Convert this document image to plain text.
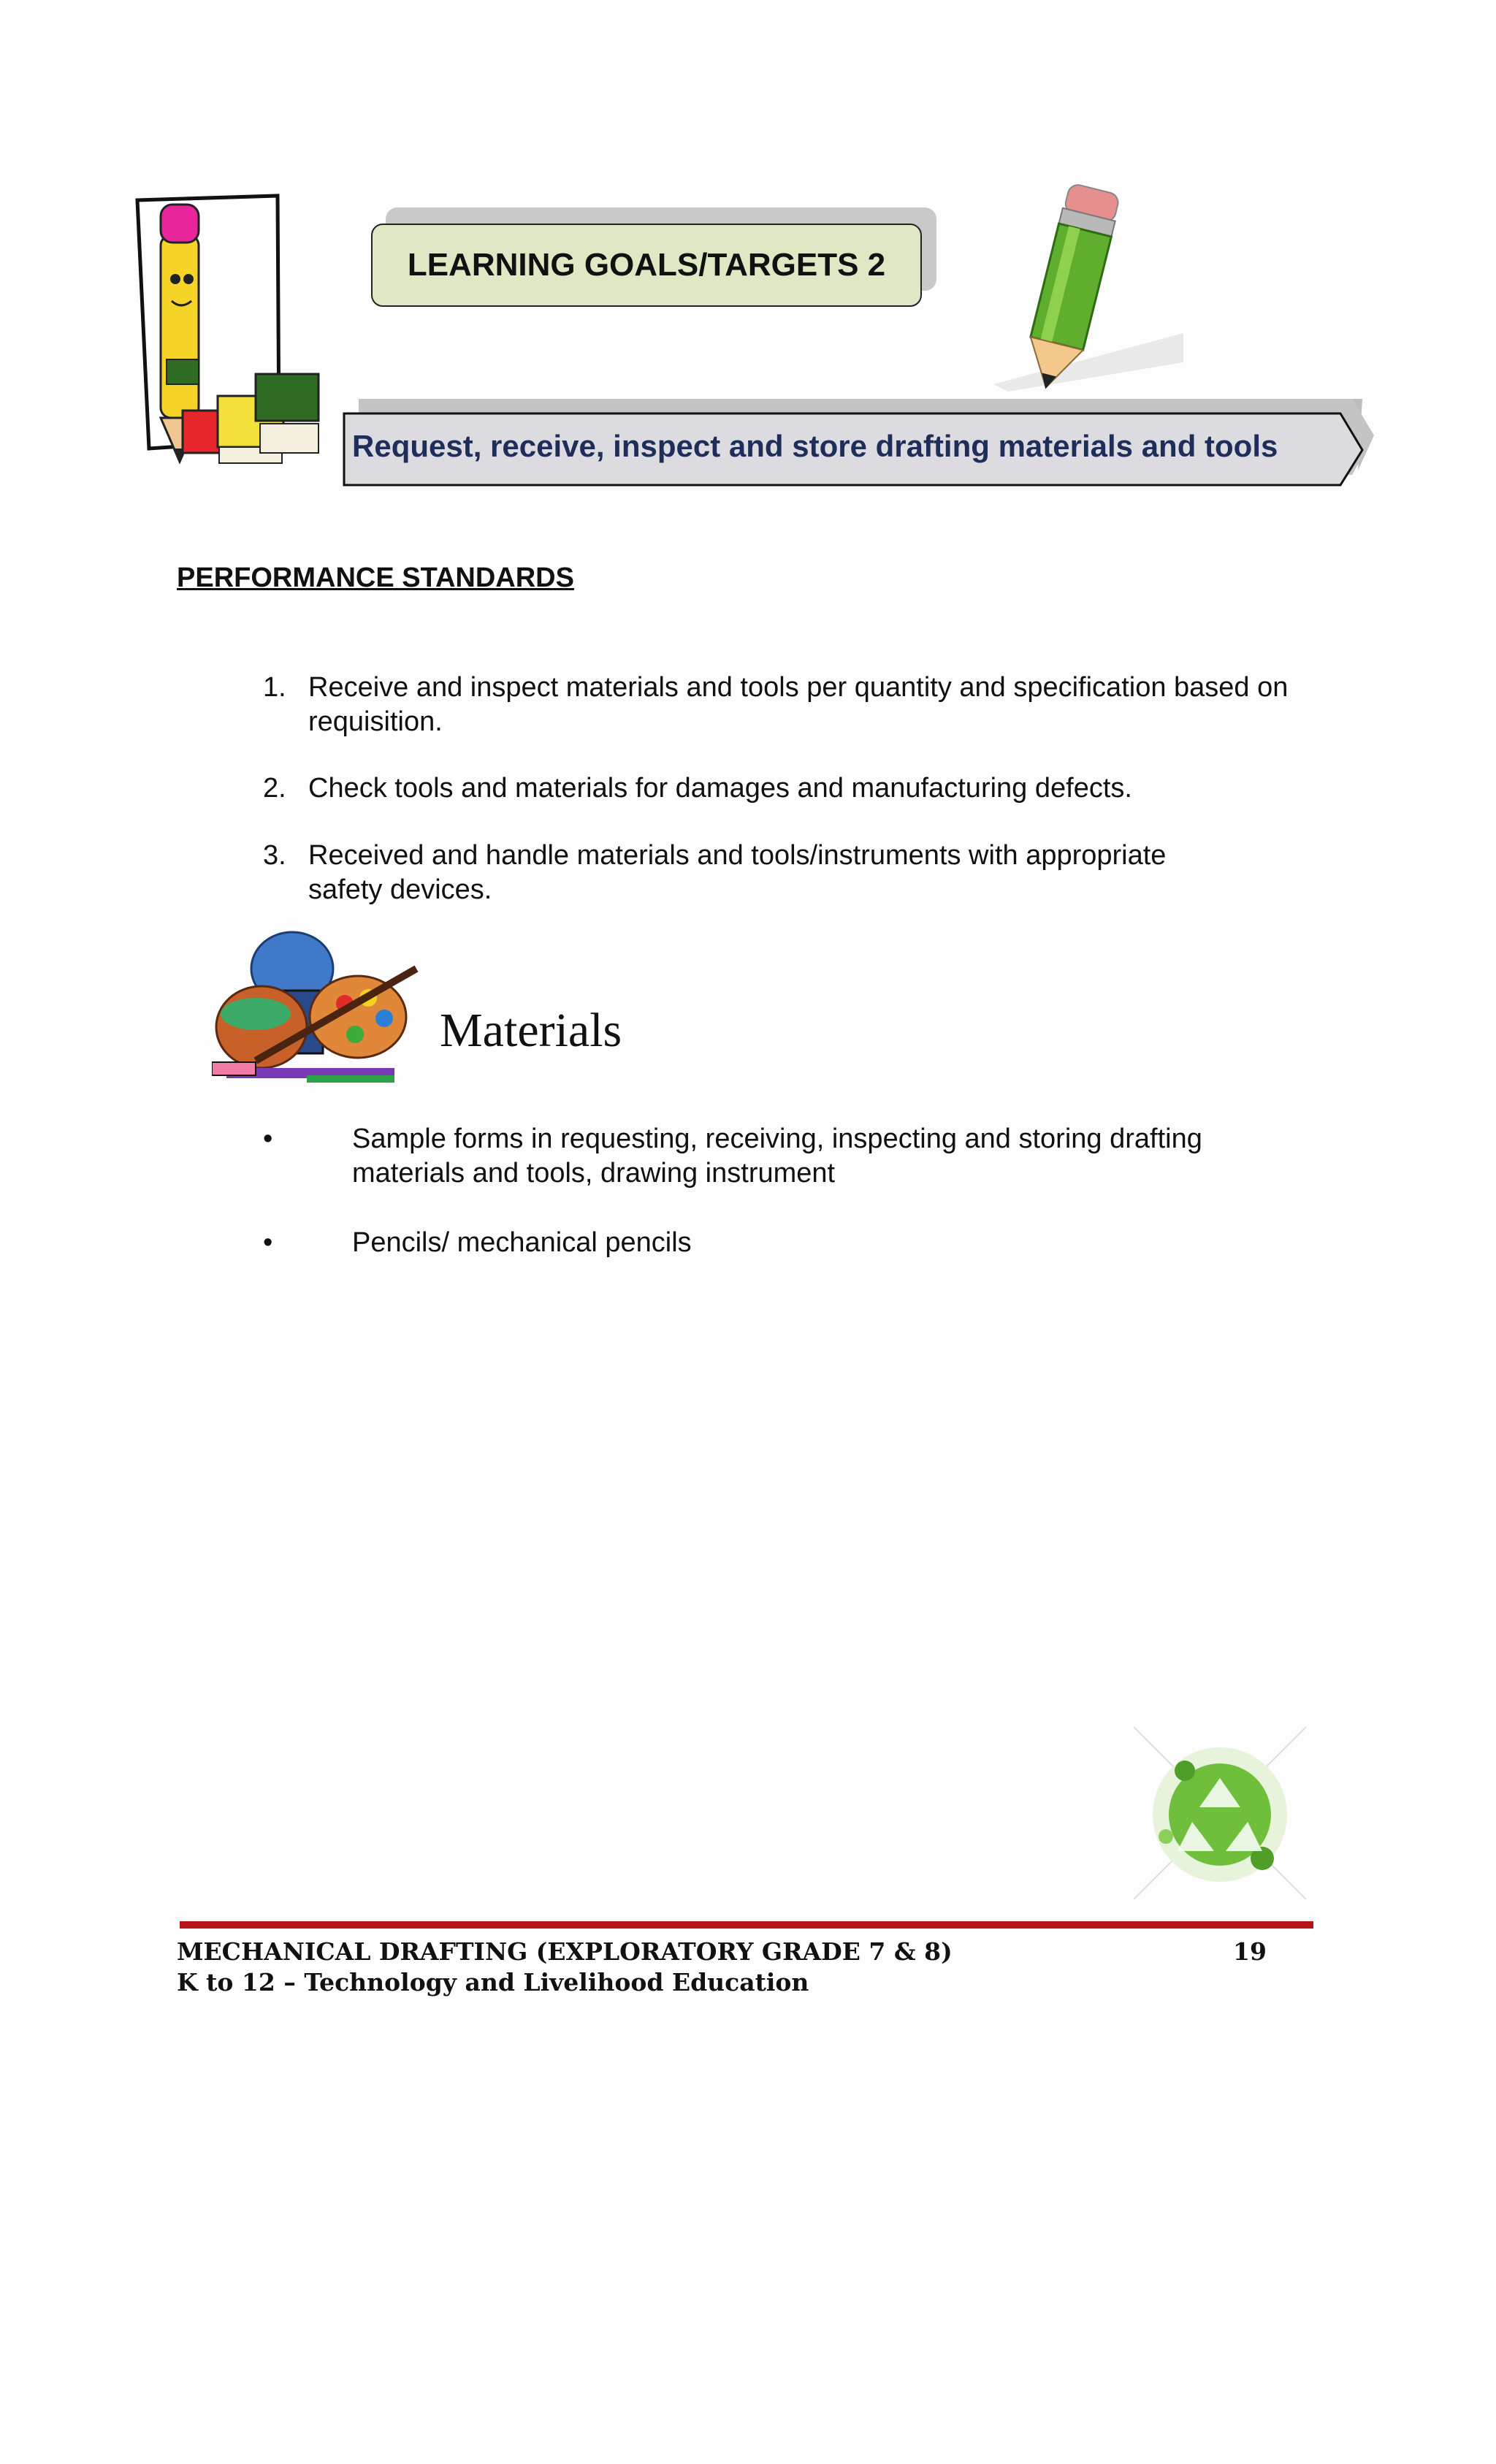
LEARNING GOALS/TARGETS 2
Request, receive, inspect and store drafting materials and tools
PERFORMANCE STANDARDS
1. Receive and inspect materials and tools per quantity and specification based on requisition.
2. Check tools and materials for damages and manufacturing defects.
3. Received and handle materials and tools/instruments with appropriate safety devices.
Materials
•	Sample forms in requesting, receiving, inspecting and storing drafting materials and tools, drawing instrument
•	Pencils/ mechanical pencils
MECHANICAL DRAFTING (EXPLORATORY GRADE 7 & 8)	19
K to 12 – Technology and Livelihood Education
